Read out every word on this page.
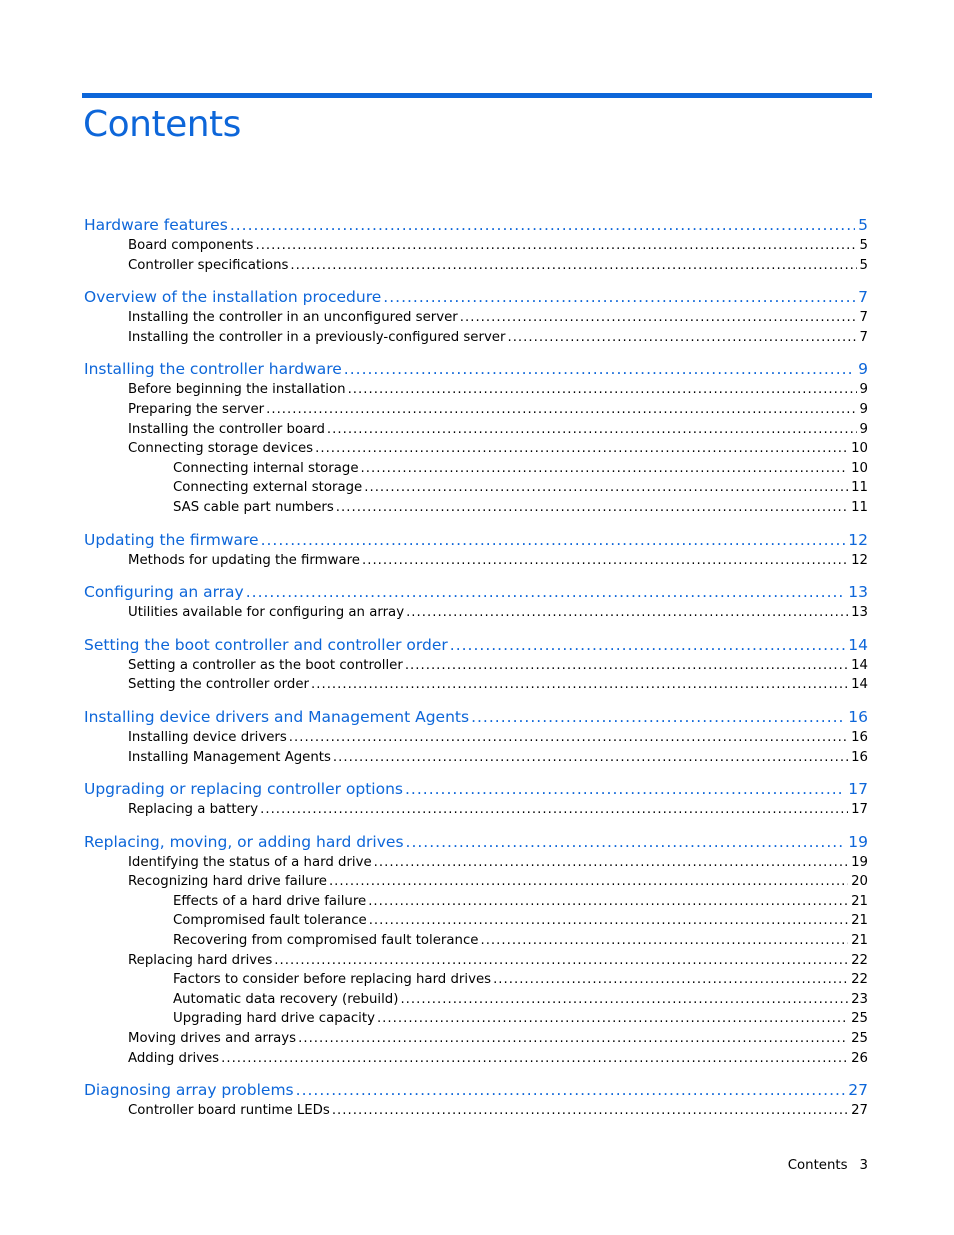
Contents
Hardware features .....	5
Board components .....	5
Controller specifications .....	5
Overview of the installation procedure .....	7
Installing the controller in an unconfigured server .....	7
Installing the controller in a previously-configured server .....	7
Installing the controller hardware .....	9
Before beginning the installation .....	9
Preparing the server .....	9
Installing the controller board .....	9
Connecting storage devices .....	10
Connecting internal storage .....	10
Connecting external storage .....	11
SAS cable part numbers .....	11
Updating the firmware .....	12
Methods for updating the firmware .....	12
Configuring an array .....	13
Utilities available for configuring an array .....	13
Setting the boot controller and controller order .....	14
Setting a controller as the boot controller .....	14
Setting the controller order .....	14
Installing device drivers and Management Agents .....	16
Installing device drivers .....	16
Installing Management Agents .....	16
Upgrading or replacing controller options .....	17
Replacing a battery .....	17
Replacing, moving, or adding hard drives .....	19
Identifying the status of a hard drive .....	19
Recognizing hard drive failure .....	20
Effects of a hard drive failure .....	21
Compromised fault tolerance .....	21
Recovering from compromised fault tolerance .....	21
Replacing hard drives .....	22
Factors to consider before replacing hard drives .....	22
Automatic data recovery (rebuild) .....	23
Upgrading hard drive capacity .....	25
Moving drives and arrays .....	25
Adding drives .....	26
Diagnosing array problems .....	27
Controller board runtime LEDs .....	27
Contents 3
